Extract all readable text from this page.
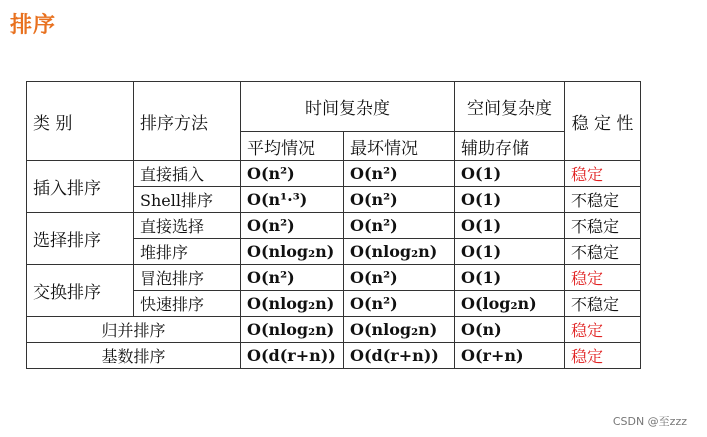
排序
类 别	排序方法	时间复杂度		空间复杂度	稳 定 性
		平均情况	最坏情况	辅助存储	
插入排序	直接插入	O(n²)	O(n²)	O(1)	稳定
	Shell排序	O(n¹·³)	O(n²)	O(1)	不稳定
选择排序	直接选择	O(n²)	O(n²)	O(1)	不稳定
	堆排序	O(nlog₂n)	O(nlog₂n)	O(1)	不稳定
交换排序	冒泡排序	O(n²)	O(n²)	O(1)	稳定
	快速排序	O(nlog₂n)	O(n²)	O(log₂n)	不稳定
归并排序		O(nlog₂n)	O(nlog₂n)	O(n)	稳定
基数排序		O(d(r+n))	O(d(r+n))	O(r+n)	稳定
CSDN @至zzz
